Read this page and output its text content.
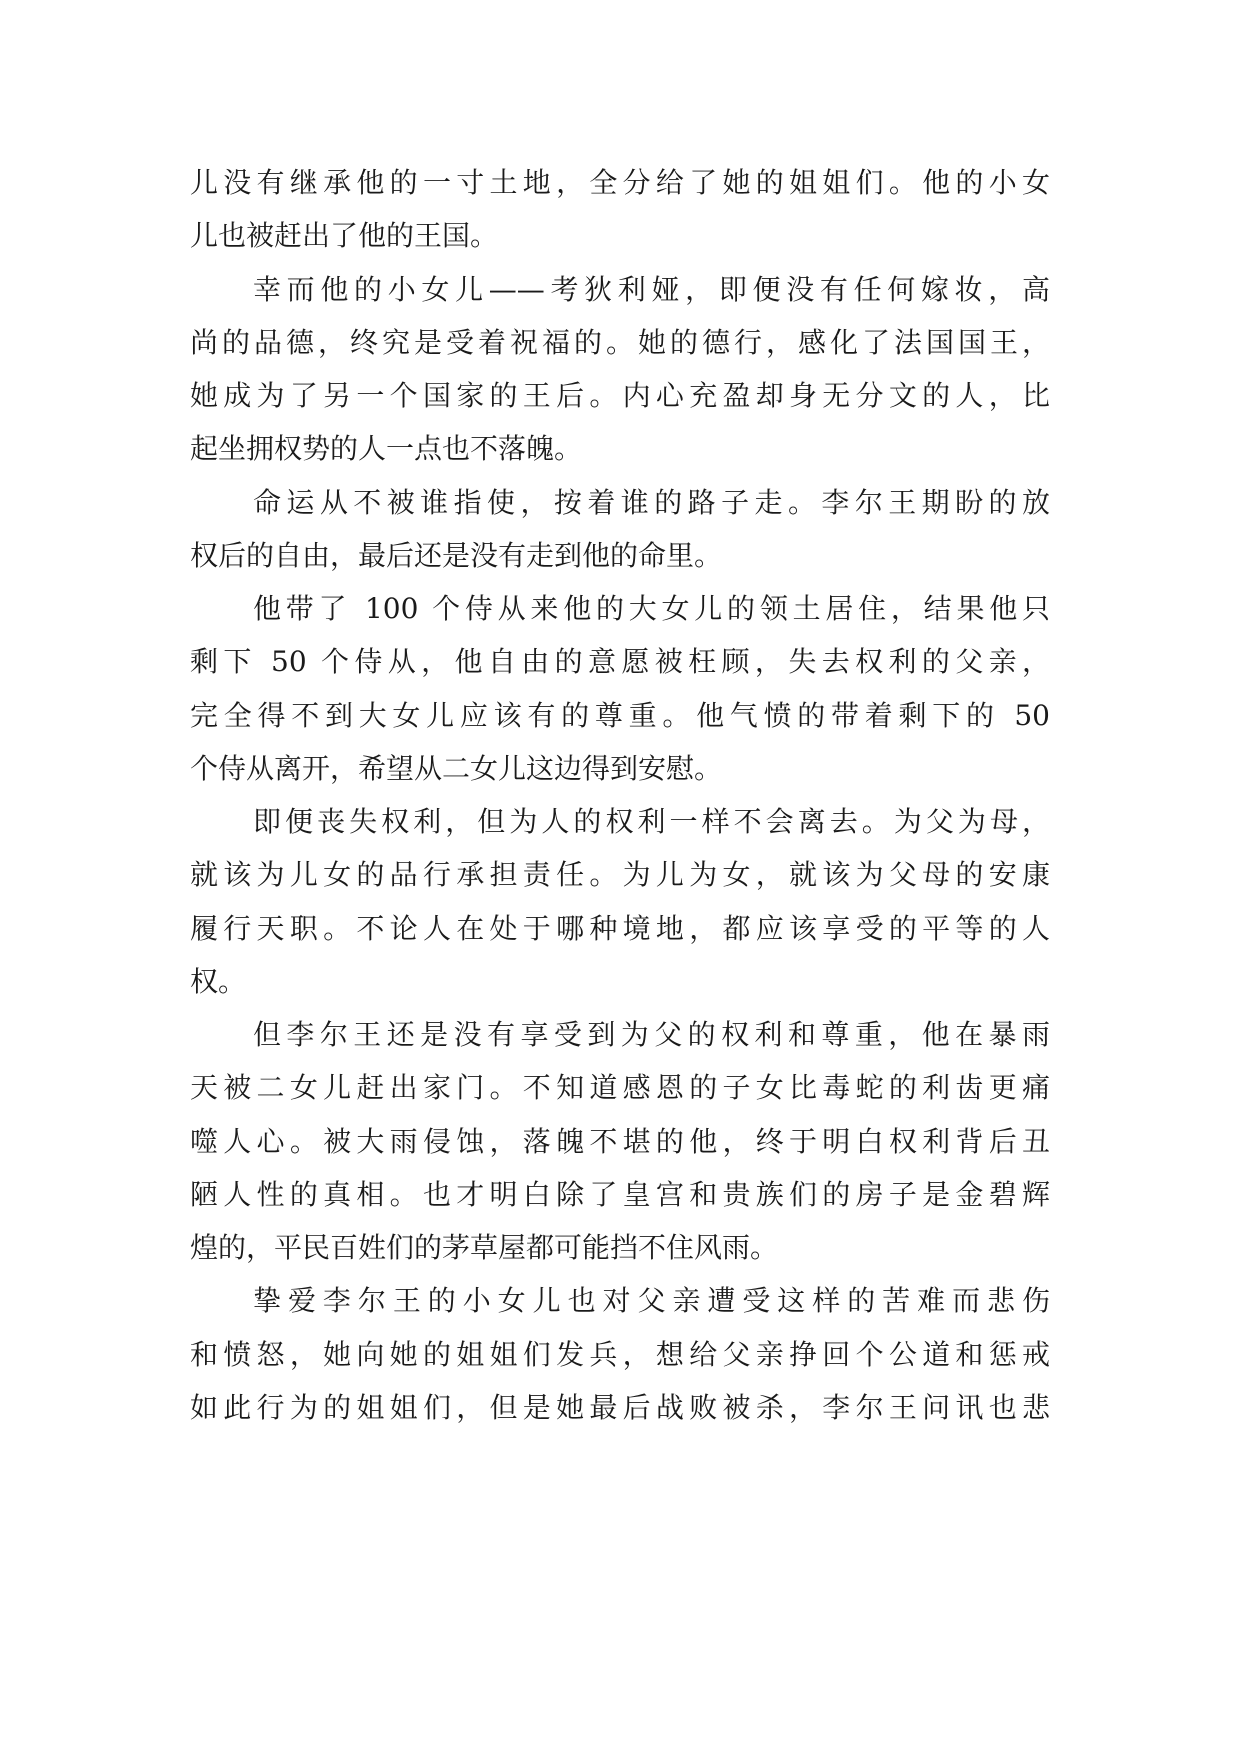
儿没有继承他的一寸土地，全分给了她的姐姐们。他的小女
儿也被赶出了他的王国。
幸而他的小女儿——考狄利娅，即便没有任何嫁妆，高
尚的品德，终究是受着祝福的。她的德行，感化了法国国王，
她成为了另一个国家的王后。内心充盈却身无分文的人，比
起坐拥权势的人一点也不落魄。
命运从不被谁指使，按着谁的路子走。李尔王期盼的放
权后的自由，最后还是没有走到他的命里。
他带了 100 个侍从来他的大女儿的领土居住，结果他只
剩下 50 个侍从，他自由的意愿被枉顾，失去权利的父亲，
完全得不到大女儿应该有的尊重。他气愤的带着剩下的 50
个侍从离开，希望从二女儿这边得到安慰。
即便丧失权利，但为人的权利一样不会离去。为父为母，
就该为儿女的品行承担责任。为儿为女，就该为父母的安康
履行天职。不论人在处于哪种境地，都应该享受的平等的人
权。
但李尔王还是没有享受到为父的权利和尊重，他在暴雨
天被二女儿赶出家门。不知道感恩的子女比毒蛇的利齿更痛
噬人心。被大雨侵蚀，落魄不堪的他，终于明白权利背后丑
陋人性的真相。也才明白除了皇宫和贵族们的房子是金碧辉
煌的，平民百姓们的茅草屋都可能挡不住风雨。
挚爱李尔王的小女儿也对父亲遭受这样的苦难而悲伤
和愤怒，她向她的姐姐们发兵，想给父亲挣回个公道和惩戒
如此行为的姐姐们，但是她最后战败被杀，李尔王问讯也悲
